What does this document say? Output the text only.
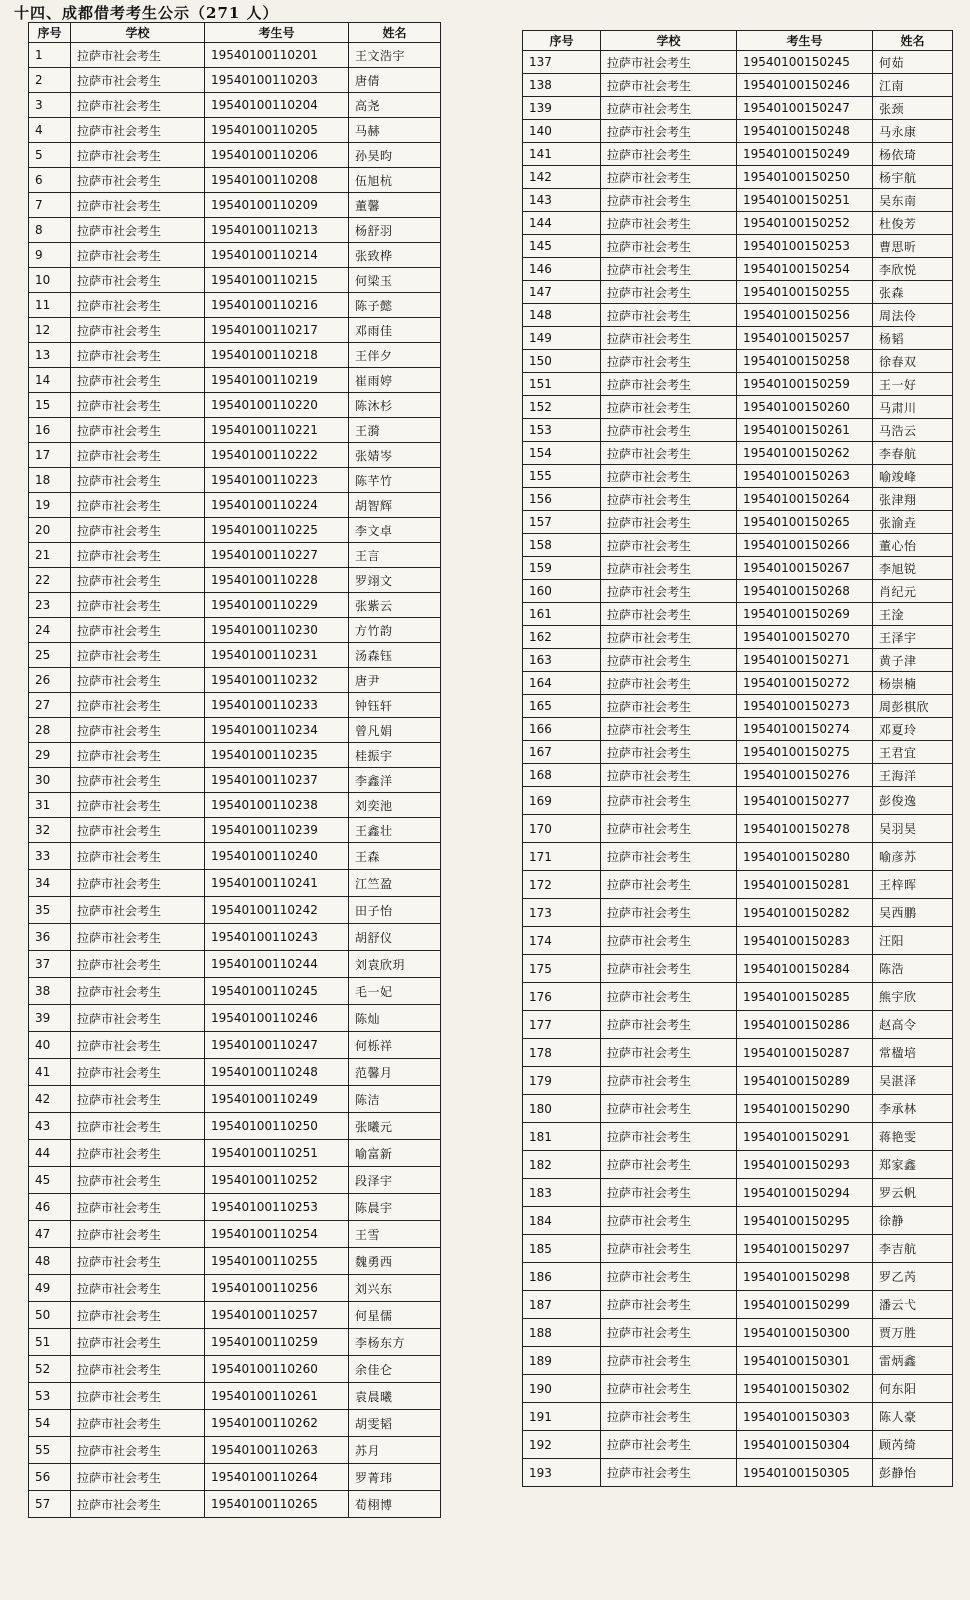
十四、成都借考考生公示（271 人）
序号	学校	考生号	姓名
1	拉萨市社会考生	19540100110201	王文浩宇
2	拉萨市社会考生	19540100110203	唐倩
3	拉萨市社会考生	19540100110204	高尧
4	拉萨市社会考生	19540100110205	马赫
5	拉萨市社会考生	19540100110206	孙昊昀
6	拉萨市社会考生	19540100110208	伍旭杭
7	拉萨市社会考生	19540100110209	董馨
8	拉萨市社会考生	19540100110213	杨舒羽
9	拉萨市社会考生	19540100110214	张致桦
10	拉萨市社会考生	19540100110215	何梁玉
11	拉萨市社会考生	19540100110216	陈子懿
12	拉萨市社会考生	19540100110217	邓雨佳
13	拉萨市社会考生	19540100110218	王伴夕
14	拉萨市社会考生	19540100110219	崔雨婷
15	拉萨市社会考生	19540100110220	陈沐杉
16	拉萨市社会考生	19540100110221	王漪
17	拉萨市社会考生	19540100110222	张婧岑
18	拉萨市社会考生	19540100110223	陈芊竹
19	拉萨市社会考生	19540100110224	胡智辉
20	拉萨市社会考生	19540100110225	李文卓
21	拉萨市社会考生	19540100110227	王言
22	拉萨市社会考生	19540100110228	罗翊文
23	拉萨市社会考生	19540100110229	张紫云
24	拉萨市社会考生	19540100110230	方竹韵
25	拉萨市社会考生	19540100110231	汤森钰
26	拉萨市社会考生	19540100110232	唐尹
27	拉萨市社会考生	19540100110233	钟钰轩
28	拉萨市社会考生	19540100110234	曾凡娟
29	拉萨市社会考生	19540100110235	桂振宇
30	拉萨市社会考生	19540100110237	李鑫洋
31	拉萨市社会考生	19540100110238	刘奕池
32	拉萨市社会考生	19540100110239	王鑫壮
33	拉萨市社会考生	19540100110240	王森
34	拉萨市社会考生	19540100110241	江竺盈
35	拉萨市社会考生	19540100110242	田子怡
36	拉萨市社会考生	19540100110243	胡舒仪
37	拉萨市社会考生	19540100110244	刘袁欣玥
38	拉萨市社会考生	19540100110245	毛一妃
39	拉萨市社会考生	19540100110246	陈灿
40	拉萨市社会考生	19540100110247	何栎祥
41	拉萨市社会考生	19540100110248	范馨月
42	拉萨市社会考生	19540100110249	陈洁
43	拉萨市社会考生	19540100110250	张曦元
44	拉萨市社会考生	19540100110251	喻富新
45	拉萨市社会考生	19540100110252	段泽宇
46	拉萨市社会考生	19540100110253	陈晨宇
47	拉萨市社会考生	19540100110254	王雪
48	拉萨市社会考生	19540100110255	魏勇西
49	拉萨市社会考生	19540100110256	刘兴东
50	拉萨市社会考生	19540100110257	何星儒
51	拉萨市社会考生	19540100110259	李杨东方
52	拉萨市社会考生	19540100110260	余佳仑
53	拉萨市社会考生	19540100110261	袁晨曦
54	拉萨市社会考生	19540100110262	胡雯韬
55	拉萨市社会考生	19540100110263	苏月
56	拉萨市社会考生	19540100110264	罗菁玮
57	拉萨市社会考生	19540100110265	荀栩博
序号	学校	考生号	姓名
137	拉萨市社会考生	19540100150245	何茹
138	拉萨市社会考生	19540100150246	江南
139	拉萨市社会考生	19540100150247	张颈
140	拉萨市社会考生	19540100150248	马永康
141	拉萨市社会考生	19540100150249	杨依琦
142	拉萨市社会考生	19540100150250	杨宇航
143	拉萨市社会考生	19540100150251	吴东南
144	拉萨市社会考生	19540100150252	杜俊芳
145	拉萨市社会考生	19540100150253	曹思昕
146	拉萨市社会考生	19540100150254	李欣悦
147	拉萨市社会考生	19540100150255	张森
148	拉萨市社会考生	19540100150256	周法伶
149	拉萨市社会考生	19540100150257	杨韬
150	拉萨市社会考生	19540100150258	徐春双
151	拉萨市社会考生	19540100150259	王一好
152	拉萨市社会考生	19540100150260	马肃川
153	拉萨市社会考生	19540100150261	马浩云
154	拉萨市社会考生	19540100150262	李春航
155	拉萨市社会考生	19540100150263	喻竣峰
156	拉萨市社会考生	19540100150264	张津翔
157	拉萨市社会考生	19540100150265	张渝垚
158	拉萨市社会考生	19540100150266	董心怡
159	拉萨市社会考生	19540100150267	李旭锐
160	拉萨市社会考生	19540100150268	肖纪元
161	拉萨市社会考生	19540100150269	王淦
162	拉萨市社会考生	19540100150270	王泽宇
163	拉萨市社会考生	19540100150271	黄子津
164	拉萨市社会考生	19540100150272	杨崇楠
165	拉萨市社会考生	19540100150273	周彭棋欣
166	拉萨市社会考生	19540100150274	邓夏玲
167	拉萨市社会考生	19540100150275	王君宜
168	拉萨市社会考生	19540100150276	王海洋
169	拉萨市社会考生	19540100150277	彭俊逸
170	拉萨市社会考生	19540100150278	吴羽昊
171	拉萨市社会考生	19540100150280	喻彦苏
172	拉萨市社会考生	19540100150281	王梓晖
173	拉萨市社会考生	19540100150282	吴西鹏
174	拉萨市社会考生	19540100150283	汪阳
175	拉萨市社会考生	19540100150284	陈浩
176	拉萨市社会考生	19540100150285	熊宇欣
177	拉萨市社会考生	19540100150286	赵高令
178	拉萨市社会考生	19540100150287	常楹培
179	拉萨市社会考生	19540100150289	吴湛泽
180	拉萨市社会考生	19540100150290	李承林
181	拉萨市社会考生	19540100150291	蒋艳雯
182	拉萨市社会考生	19540100150293	郑家鑫
183	拉萨市社会考生	19540100150294	罗云帆
184	拉萨市社会考生	19540100150295	徐静
185	拉萨市社会考生	19540100150297	李吉航
186	拉萨市社会考生	19540100150298	罗乙芮
187	拉萨市社会考生	19540100150299	潘云弋
188	拉萨市社会考生	19540100150300	贾万胜
189	拉萨市社会考生	19540100150301	雷炳鑫
190	拉萨市社会考生	19540100150302	何东阳
191	拉萨市社会考生	19540100150303	陈人豪
192	拉萨市社会考生	19540100150304	顾芮绮
193	拉萨市社会考生	19540100150305	彭静怡
